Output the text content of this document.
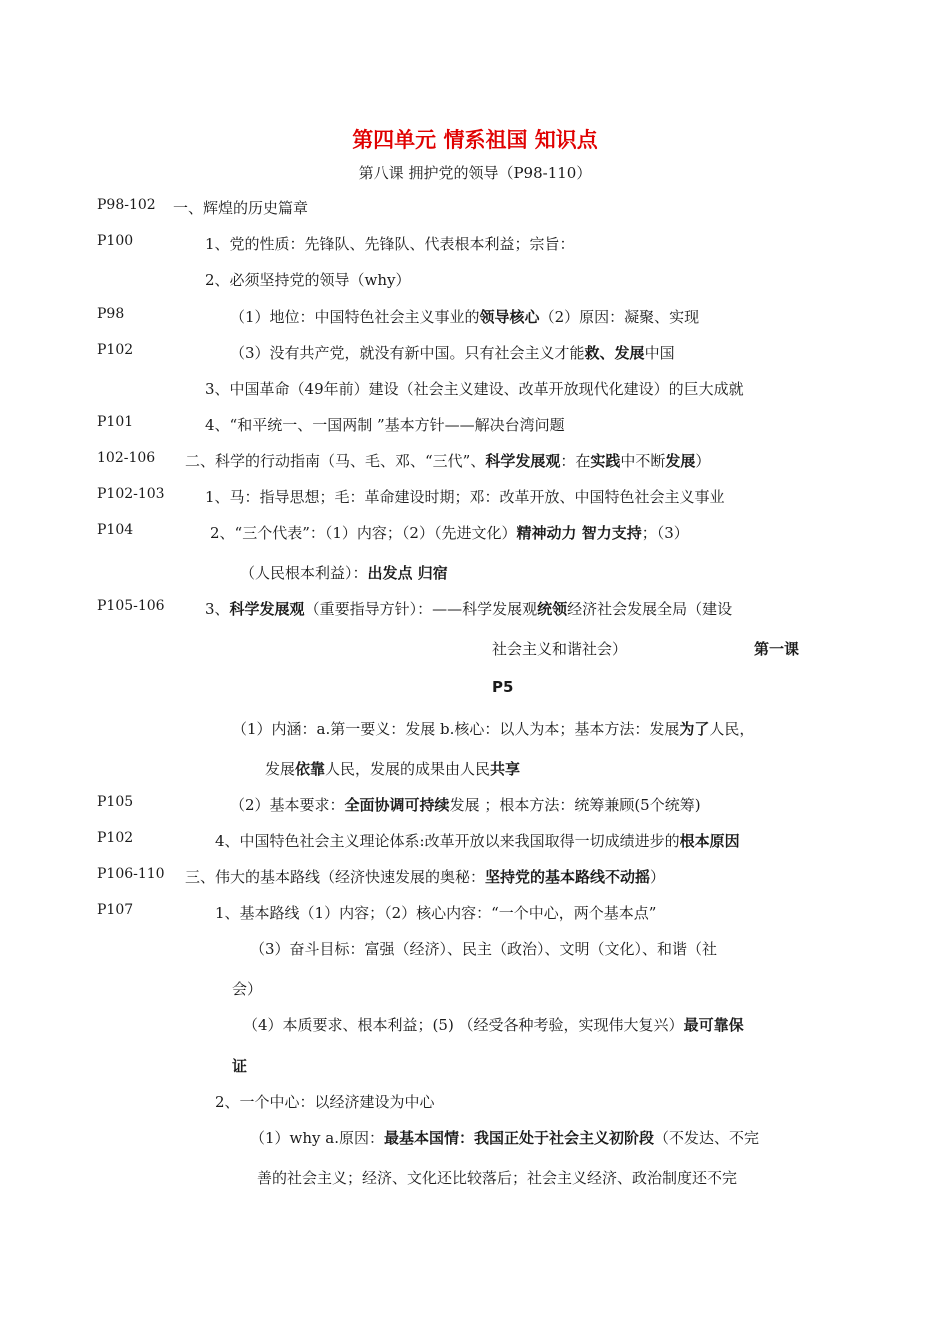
第四单元 情系祖国 知识点
第八课 拥护党的领导（P98-110）
P98-102 一、辉煌的历史篇章
P100	1、党的性质：先锋队、先锋队、代表根本利益；宗旨：
2、必须坚持党的领导（why）
P98	（1）地位：中国特色社会主义事业的领导核心（2）原因：凝聚、实现
P102	（3）没有共产党，就没有新中国。只有社会主义才能救、发展中国
3、中国革命（49年前）建设（社会主义建设、改革开放现代化建设）的巨大成就
P101	4、“和平统一、一国两制 ”基本方针——解决台湾问题
102-106 二、科学的行动指南（马、毛、邓、“三代”、科学发展观：在实践中不断发展）
P102-103	1、马：指导思想；毛：革命建设时期；邓：改革开放、中国特色社会主义事业
P104	2、“三个代表”：（1）内容；（2）（先进文化）精神动力 智力支持；（3）
（人民根本利益）：出发点 归宿
P105-106	3、科学发展观（重要指导方针）：——科学发展观统领经济社会发展全局（建设
社会主义和谐社会）	第一课
P5
（1）内涵：a.第一要义：发展 b.核心：以人为本；基本方法：发展为了人民，
发展依靠人民，发展的成果由人民共享
P105	（2）基本要求：全面协调可持续发展 ；根本方法：统筹兼顾(5个统筹)
P102	4、中国特色社会主义理论体系:改革开放以来我国取得一切成绩进步的根本原因
P106-110 三、伟大的基本路线（经济快速发展的奥秘：坚持党的基本路线不动摇）
P107	1、基本路线（1）内容；（2）核心内容：“一个中心，两个基本点”
（3）奋斗目标：富强（经济）、民主（政治）、文明（文化）、和谐（社
会）
（4）本质要求、根本利益；(5) （经受各种考验，实现伟大复兴）最可靠保
证
2、一个中心：以经济建设为中心
（1）why a.原因：最基本国情：我国正处于社会主义初阶段（不发达、不完
善的社会主义；经济、文化还比较落后；社会主义经济、政治制度还不完
